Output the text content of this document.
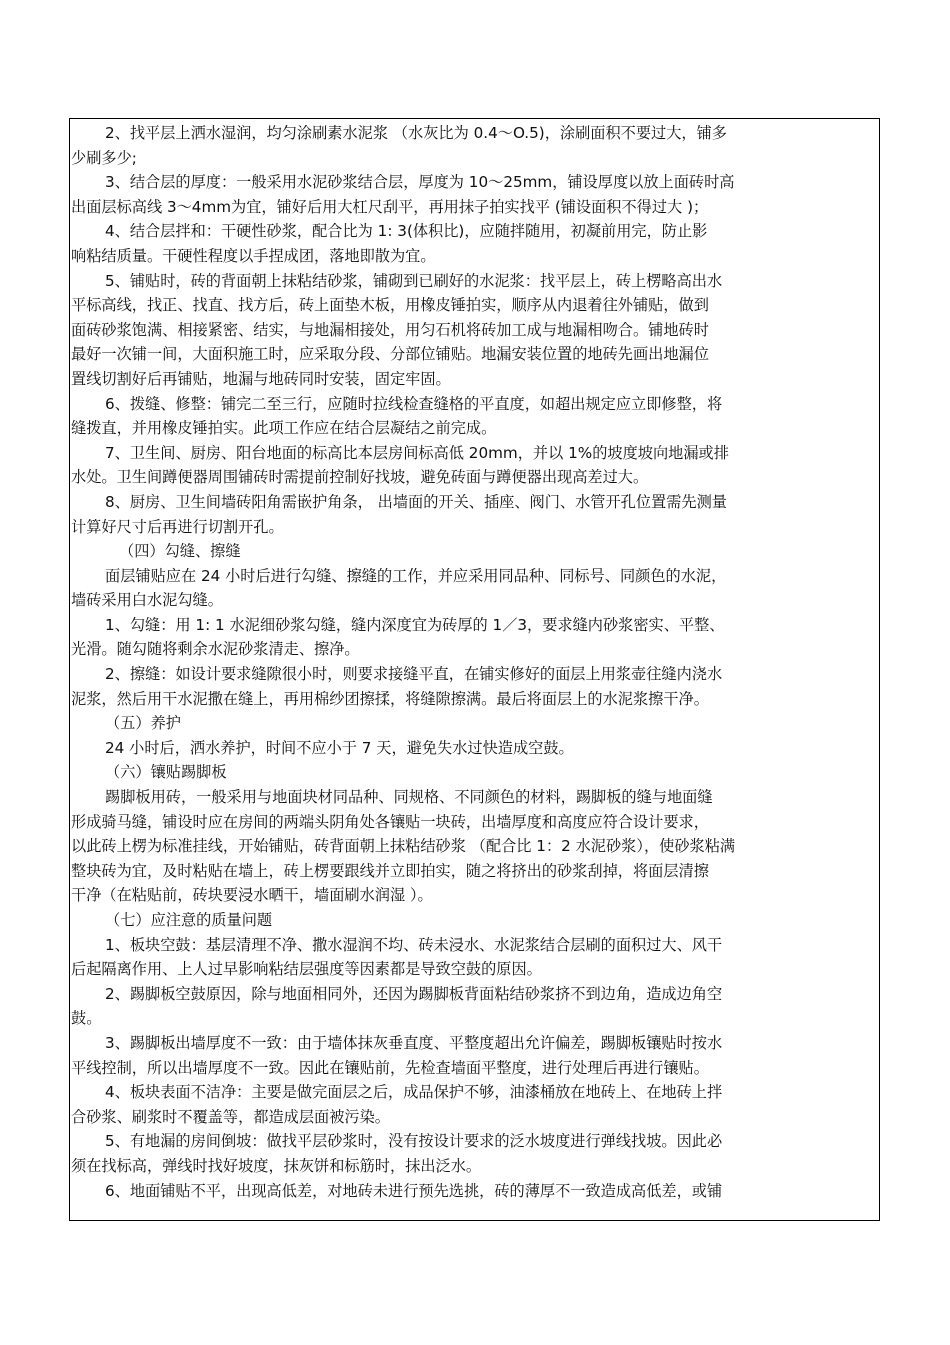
2、找平层上洒水湿润，均匀涂刷素水泥浆 （水灰比为 0.4～O.5)，涂刷面积不要过大，铺多
少刷多少;
3、结合层的厚度：一般采用水泥砂浆结合层，厚度为 10～25mm，铺设厚度以放上面砖时高
出面层标高线 3～4mm为宜，铺好后用大杠尺刮平，再用抹子拍实找平 (铺设面积不得过大 )；
4、结合层拌和：干硬性砂浆，配合比为 1: 3(体积比)，应随拌随用，初凝前用完，防止影
响粘结质量。干硬性程度以手捏成团，落地即散为宜。
5、铺贴时，砖的背面朝上抹粘结砂浆，铺砌到已刷好的水泥浆：找平层上，砖上楞略高出水
平标高线，找正、找直、找方后，砖上面垫木板，用橡皮锤拍实，顺序从内退着往外铺贴，做到
面砖砂浆饱满、相接紧密、结实，与地漏相接处，用匀石机将砖加工成与地漏相吻合。铺地砖时
最好一次铺一间，大面积施工时，应采取分段、分部位铺贴。地漏安装位置的地砖先画出地漏位
置线切割好后再铺贴，地漏与地砖同时安装，固定牢固。
6、拨缝、修整：铺完二至三行，应随时拉线检查缝格的平直度，如超出规定应立即修整，将
缝拨直，并用橡皮锤拍实。此项工作应在结合层凝结之前完成。
7、卫生间、厨房、阳台地面的标高比本层房间标高低 20mm，并以 1%的坡度坡向地漏或排
水处。卫生间蹲便器周围铺砖时需提前控制好找坡，避免砖面与蹲便器出现高差过大。
8、厨房、卫生间墙砖阳角需嵌护角条， 出墙面的开关、插座、阀门、水管开孔位置需先测量
计算好尺寸后再进行切割开孔。
（四）勾缝、擦缝
面层铺贴应在 24 小时后进行勾缝、擦缝的工作，并应采用同品种、同标号、同颜色的水泥，
墙砖采用白水泥勾缝。
1、勾缝：用 1: 1 水泥细砂浆勾缝，缝内深度宜为砖厚的 1／3，要求缝内砂浆密实、平整、
光滑。随勾随将剩余水泥砂浆清走、擦净。
2、擦缝：如设计要求缝隙很小时，则要求接缝平直，在铺实修好的面层上用浆壶往缝内浇水
泥浆，然后用干水泥撒在缝上，再用棉纱团擦揉，将缝隙擦满。最后将面层上的水泥浆擦干净。
（五）养护
24 小时后，洒水养护，时间不应小于 7 天，避免失水过快造成空鼓。
（六）镶贴踢脚板
踢脚板用砖，一般采用与地面块材同品种、同规格、不同颜色的材料，踢脚板的缝与地面缝
形成骑马缝，铺设时应在房间的两端头阴角处各镶贴一块砖，出墙厚度和高度应符合设计要求，
以此砖上楞为标准挂线，开始铺贴，砖背面朝上抹粘结砂浆 （配合比 1：2 水泥砂浆），使砂浆粘满
整块砖为宜，及时粘贴在墙上，砖上楞要跟线并立即拍实，随之将挤出的砂浆刮掉，将面层清擦
干净（在粘贴前，砖块要浸水晒干，墙面刷水润湿 ）。
（七）应注意的质量问题
1、板块空鼓：基层清理不净、撒水湿润不均、砖未浸水、水泥浆结合层刷的面积过大、风干
后起隔离作用、上人过早影响粘结层强度等因素都是导致空鼓的原因。
2、踢脚板空鼓原因，除与地面相同外，还因为踢脚板背面粘结砂浆挤不到边角，造成边角空
鼓。
3、踢脚板出墙厚度不一致：由于墙体抹灰垂直度、平整度超出允许偏差，踢脚板镶贴时按水
平线控制，所以出墙厚度不一致。因此在镶贴前，先检查墙面平整度，进行处理后再进行镶贴。
4、板块表面不洁净：主要是做完面层之后，成品保护不够，油漆桶放在地砖上、在地砖上拌
合砂浆、刷浆时不覆盖等，都造成层面被污染。
5、有地漏的房间倒坡：做找平层砂浆时，没有按设计要求的泛水坡度进行弹线找坡。因此必
须在找标高，弹线时找好坡度，抹灰饼和标筋时，抹出泛水。
6、地面铺贴不平，出现高低差，对地砖未进行预先选挑，砖的薄厚不一致造成高低差，或铺
